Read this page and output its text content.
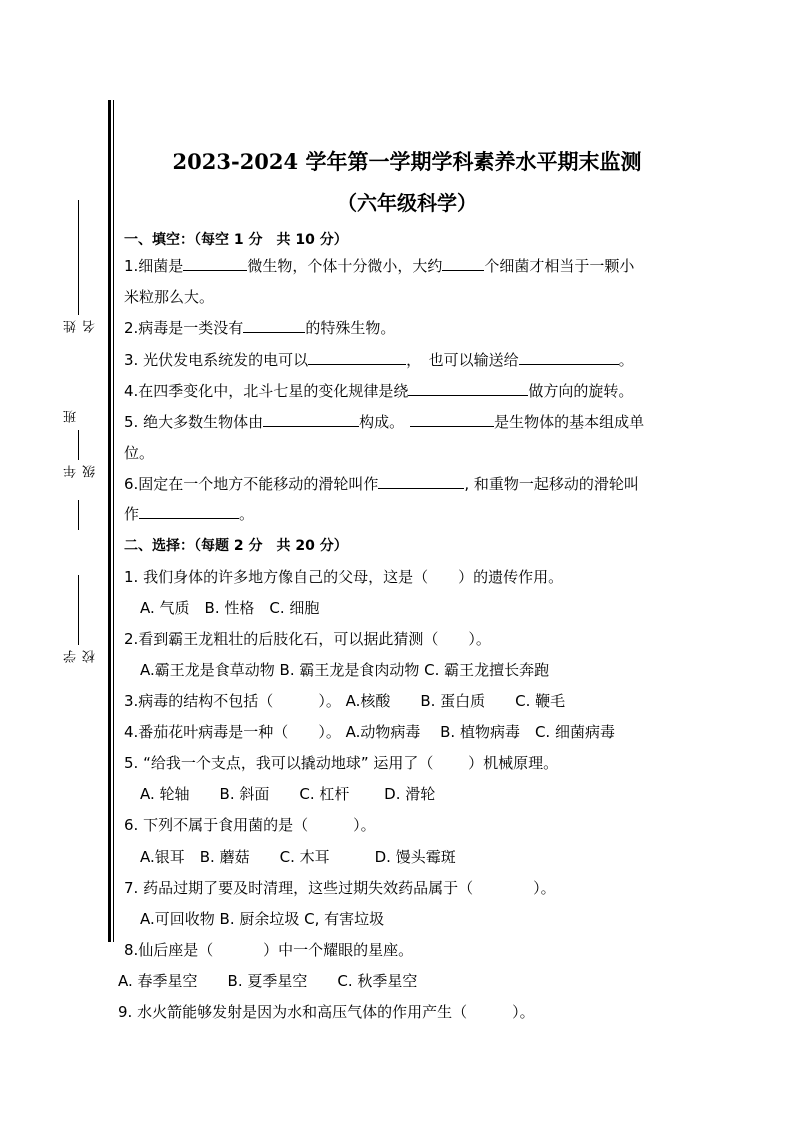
姓名
班
年级
学校
2023-2024 学年第一学期学科素养水平期末监测
（六年级科学）
一、填空：（每空 1 分　共 10 分）
1.细菌是	微生物，个体十分微小，大约	个细菌才相当于一颗小
米粒那么大。
2.病毒是一类没有	的特殊生物。
3. 光伏发电系统发的电可以	，　也可以输送给	。
4.在四季变化中，北斗七星的变化规律是绕	做方向的旋转。
5. 绝大多数生物体由	构成。	是生物体的基本组成单
位。
6.固定在一个地方不能移动的滑轮叫作	, 和重物一起移动的滑轮叫
作	。
二、选择：（每题 2 分　共 20 分）
1. 我们身体的许多地方像自己的父母，这是（　　）的遗传作用。
A. 气质　B. 性格　C. 细胞
2.看到霸王龙粗壮的后肢化石，可以据此猜测（　　）。
A.霸王龙是食草动物 B. 霸王龙是食肉动物 C. 霸王龙擅长奔跑
3.病毒的结构不包括（　　　）。 A.核酸　　B. 蛋白质　　C. 鞭毛
4.番茄花叶病毒是一种（　　）。 A.动物病毒　 B. 植物病毒　C. 细菌病毒
5. “给我一个支点，我可以撬动地球” 运用了（　　 ）机械原理。
A. 轮轴　　B. 斜面　　C. 杠杆　　 D. 滑轮
6. 下列不属于食用菌的是（　　　）。
A.银耳　B. 蘑菇　　C. 木耳　　　D. 馒头霉斑
7. 药品过期了要及时清理，这些过期失效药品属于（　　　　）。
A.可回收物 B. 厨余垃圾 C, 有害垃圾
8.仙后座是（　　　 ）中一个耀眼的星座。
A. 春季星空　　B. 夏季星空　　C. 秋季星空
9. 水火箭能够发射是因为水和高压气体的作用产生（　　　）。
